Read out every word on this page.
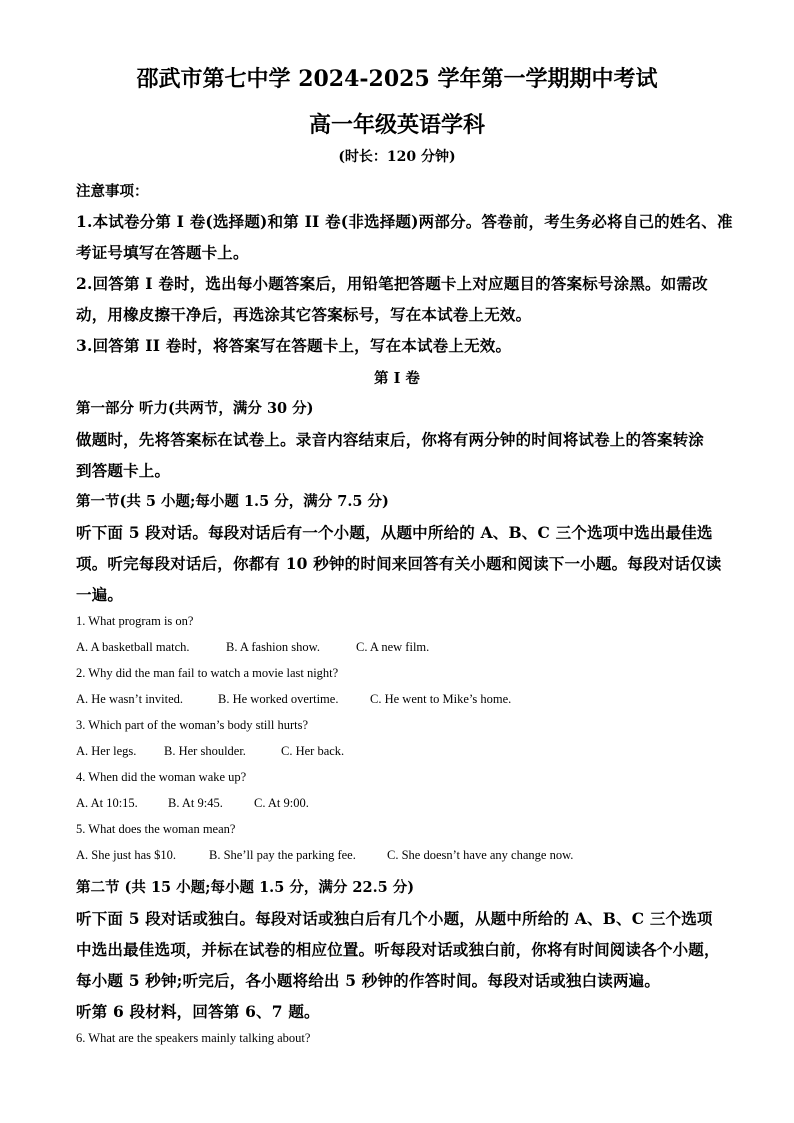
邵武市第七中学 2024-2025 学年第一学期期中考试
高一年级英语学科
(时长：120 分钟)
注意事项：
1.本试卷分第 I 卷(选择题)和第 II 卷(非选择题)两部分。答卷前，考生务必将自己的姓名、准
考证号填写在答题卡上。
2.回答第 I 卷时，选出每小题答案后，用铅笔把答题卡上对应题目的答案标号涂黑。如需改
动，用橡皮擦干净后，再选涂其它答案标号，写在本试卷上无效。
3.回答第 II 卷时，将答案写在答题卡上，写在本试卷上无效。
第 I 卷
第一部分 听力(共两节，满分 30 分)
做题时，先将答案标在试卷上。录音内容结束后，你将有两分钟的时间将试卷上的答案转涂
到答题卡上。
第一节(共 5 小题;每小题 1.5 分，满分 7.5 分)
听下面 5 段对话。每段对话后有一个小题，从题中所给的 A、B、C 三个选项中选出最佳选
项。听完每段对话后，你都有 10 秒钟的时间来回答有关小题和阅读下一小题。每段对话仅读
一遍。
1. What program is on?
A. A basketball match.	B. A fashion show.	C. A new film.
2. Why did the man fail to watch a movie last night?
A. He wasn’t invited.	B. He worked overtime.	C. He went to Mike’s home.
3. Which part of the woman’s body still hurts?
A. Her legs. B. Her shoulder.	C. Her back.
4. When did the woman wake up?
A. At 10:15. B. At 9:45. C. At 9:00.
5. What does the woman mean?
A. She just has $10.	B. She’ll pay the parking fee. C. She doesn’t have any change now.
第二节 (共 15 小题;每小题 1.5 分，满分 22.5 分)
听下面 5 段对话或独白。每段对话或独白后有几个小题，从题中所给的 A、B、C 三个选项
中选出最佳选项，并标在试卷的相应位置。听每段对话或独白前，你将有时间阅读各个小题，
每小题 5 秒钟;听完后，各小题将给出 5 秒钟的作答时间。每段对话或独白读两遍。
听第 6 段材料，回答第 6、7 题。
6. What are the speakers mainly talking about?
